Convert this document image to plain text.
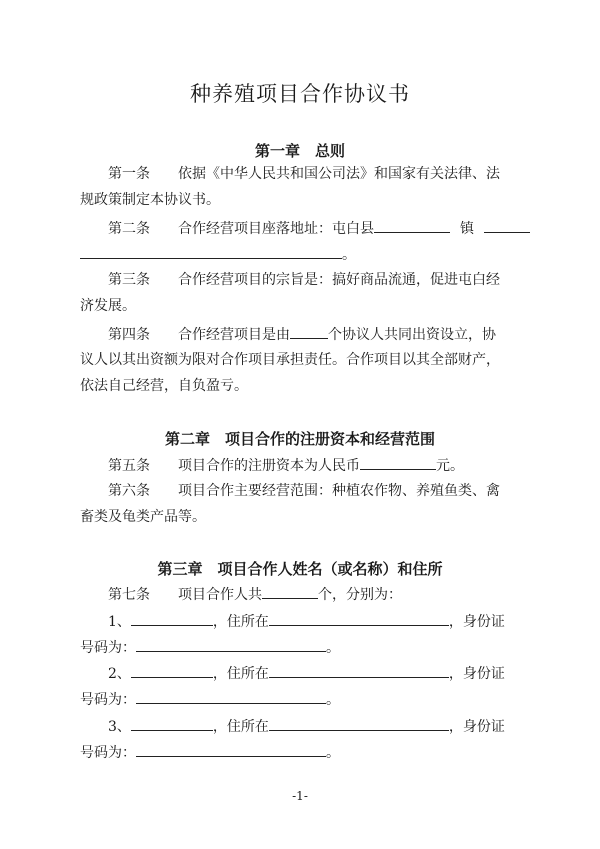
种养殖项目合作协议书
第一章　总则
第一条 依据《中华人民共和国公司法》和国家有关法律、法
规政策制定本协议书。
第二条 合作经营项目座落地址：屯白县	镇
。
第三条 合作经营项目的宗旨是：搞好商品流通，促进屯白经
济发展。
第四条 合作经营项目是由	个协议人共同出资设立，协
议人以其出资额为限对合作项目承担责任。合作项目以其全部财产，
依法自己经营，自负盈亏。
第二章　项目合作的注册资本和经营范围
第五条 项目合作的注册资本为人民币	元。
第六条 项目合作主要经营范围：种植农作物、养殖鱼类、禽
畜类及龟类产品等。
第三章　项目合作人姓名（或名称）和住所
第七条 项目合作人共	个，分别为：
1、	，住所在	，身份证
号码为：	。
2、	，住所在	，身份证
号码为：	。
3、	，住所在	，身份证
号码为：	。
-1-
